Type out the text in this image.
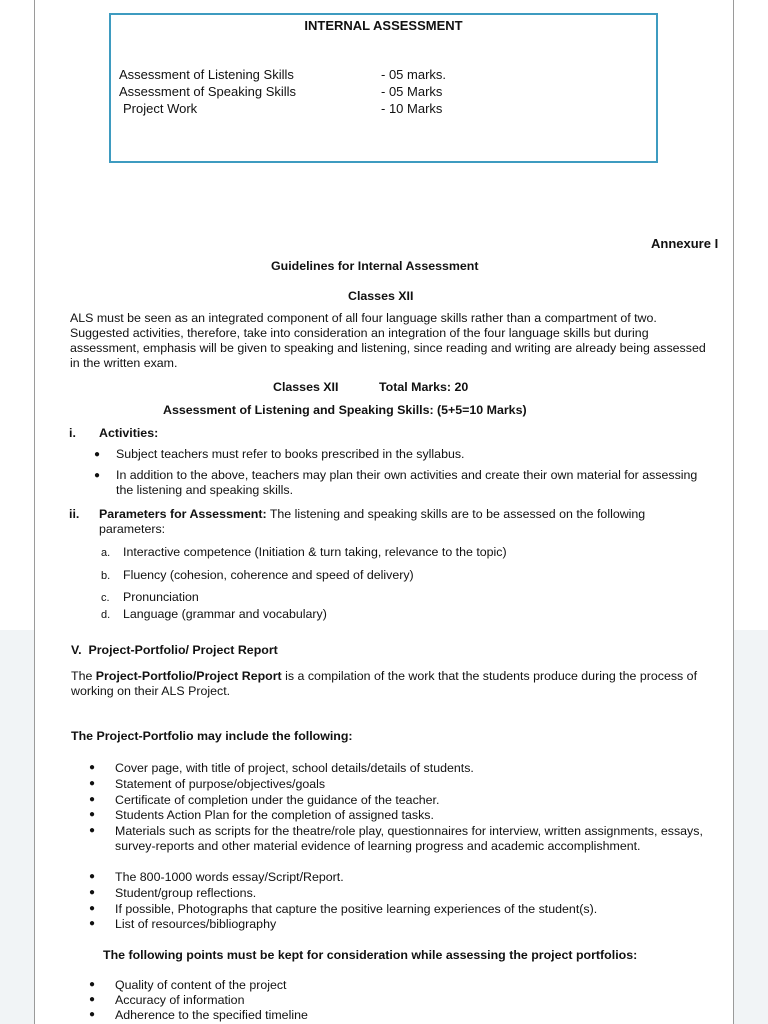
INTERNAL ASSESSMENT
Assessment of Listening Skills	- 05 marks.
Assessment of Speaking Skills	- 05 Marks
Project Work	- 10 Marks
Annexure I
Guidelines for Internal Assessment
Classes XII
ALS must be seen as an integrated component of all four language skills rather than a compartment of two. Suggested activities, therefore, take into consideration an integration of the four language skills but during assessment, emphasis will be given to speaking and listening, since reading and writing are already being assessed in the written exam.
Classes XII	Total Marks: 20
Assessment of Listening and Speaking Skills: (5+5=10 Marks)
i. Activities:
● Subject teachers must refer to books prescribed in the syllabus.
● In addition to the above, teachers may plan their own activities and create their own material for assessing the listening and speaking skills.
ii. Parameters for Assessment: The listening and speaking skills are to be assessed on the following parameters:
a. Interactive competence (Initiation & turn taking, relevance to the topic)
b. Fluency (cohesion, coherence and speed of delivery)
c. Pronunciation
d. Language (grammar and vocabulary)
V.  Project-Portfolio/ Project Report
The Project-Portfolio/Project Report is a compilation of the work that the students produce during the process of working on their ALS Project.
The Project-Portfolio may include the following:
● Cover page, with title of project, school details/details of students.
● Statement of purpose/objectives/goals
● Certificate of completion under the guidance of the teacher.
● Students Action Plan for the completion of assigned tasks.
● Materials such as scripts for the theatre/role play, questionnaires for interview, written assignments, essays, survey-reports and other material evidence of learning progress and academic accomplishment.
● The 800-1000 words essay/Script/Report.
● Student/group reflections.
● If possible, Photographs that capture the positive learning experiences of the student(s).
● List of resources/bibliography
The following points must be kept for consideration while assessing the project portfolios:
● Quality of content of the project
● Accuracy of information
● Adherence to the specified timeline
